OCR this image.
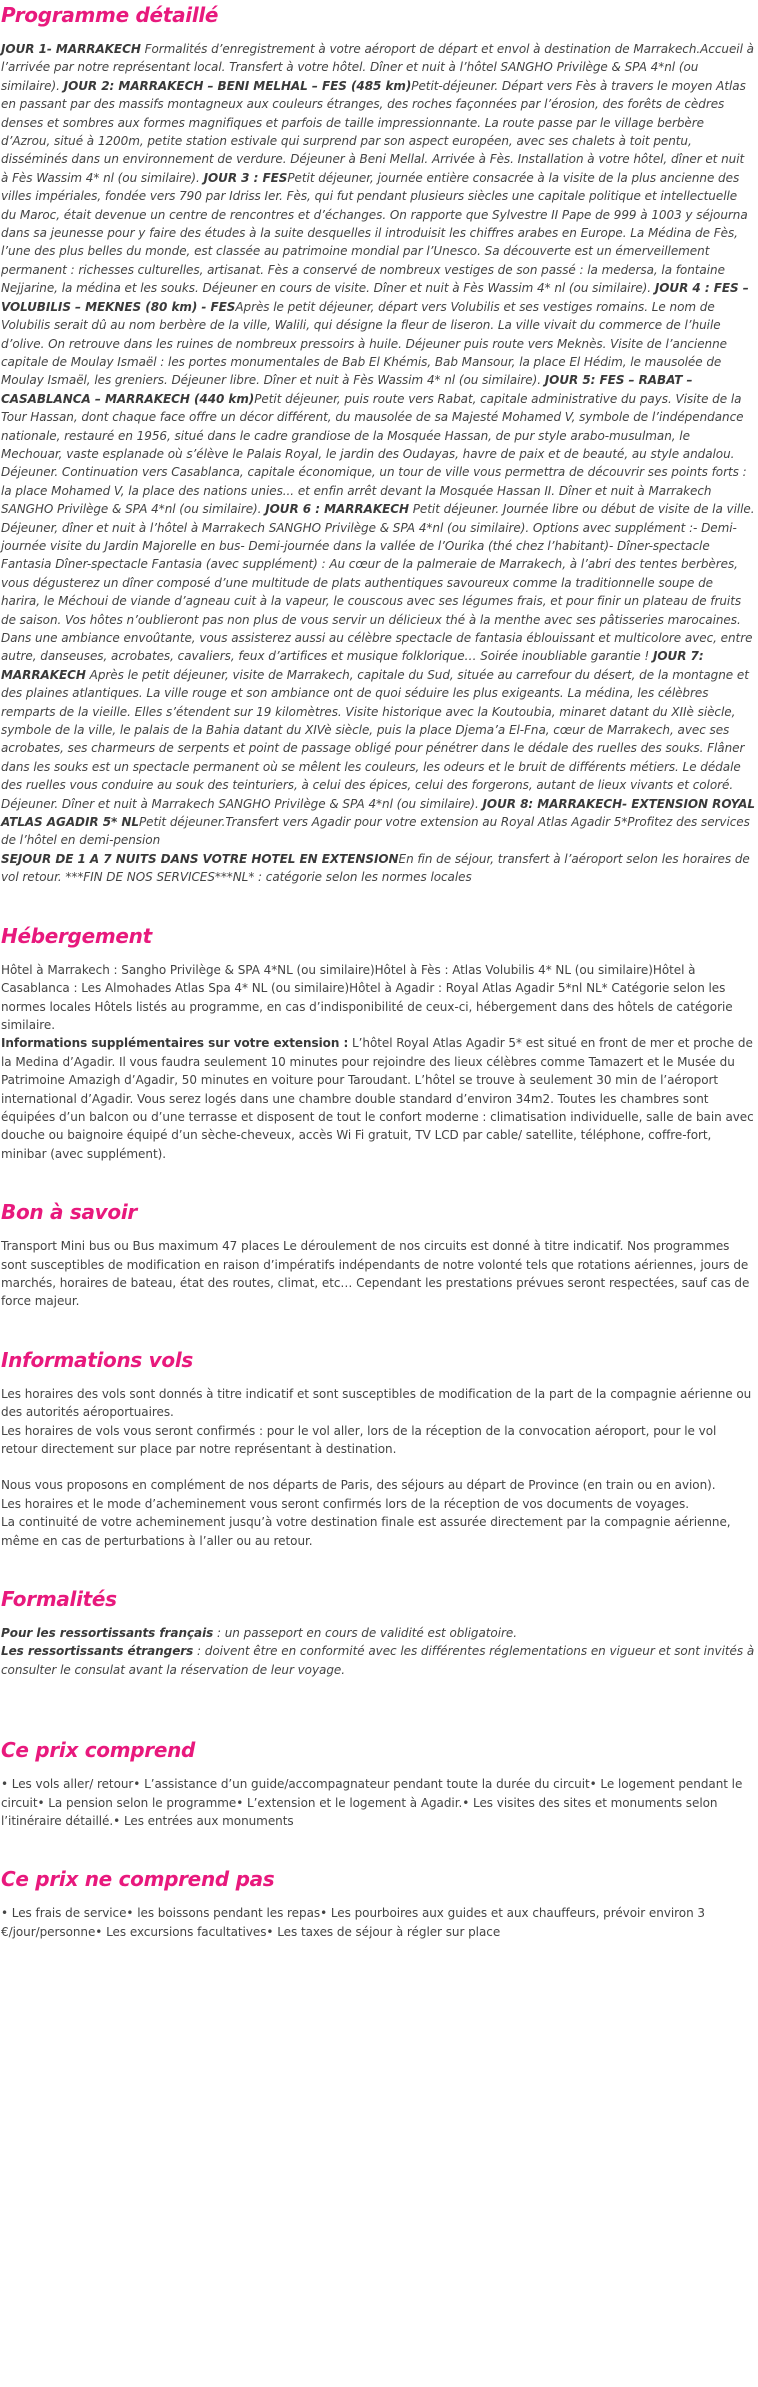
Programme détaillé

JOUR 1- MARRAKECH Formalités d’enregistrement à votre aéroport de départ et envol à destination de Marrakech.Accueil à l’arrivée par notre représentant local. Transfert à votre hôtel. Dîner et nuit à l’hôtel SANGHO Privilège & SPA 4*nl (ou similaire). JOUR 2: MARRAKECH – BENI MELHAL – FES (485 km)Petit-déjeuner. Départ vers Fès à travers le moyen Atlas en passant par des massifs montagneux aux couleurs étranges, des roches façonnées par l’érosion, des forêts de cèdres denses et sombres aux formes magnifiques et parfois de taille impressionnante. La route passe par le village berbère d’Azrou, situé à 1200m, petite station estivale qui surprend par son aspect européen, avec ses chalets à toit pentu, disséminés dans un environnement de verdure. Déjeuner à Beni Mellal. Arrivée à Fès. Installation à votre hôtel, dîner et nuit à Fès Wassim 4* nl (ou similaire). JOUR 3 : FESPetit déjeuner, journée entière consacrée à la visite de la plus ancienne des villes impériales, fondée vers 790 par Idriss Ier. Fès, qui fut pendant plusieurs siècles une capitale politique et intellectuelle du Maroc, était devenue un centre de rencontres et d’échanges. On rapporte que Sylvestre II Pape de 999 à 1003 y séjourna dans sa jeunesse pour y faire des études à la suite desquelles il introduisit les chiffres arabes en Europe. La Médina de Fès, l’une des plus belles du monde, est classée au patrimoine mondial par l’Unesco. Sa découverte est un émerveillement permanent : richesses culturelles, artisanat. Fès a conservé de nombreux vestiges de son passé : la medersa, la fontaine Nejjarine, la médina et les souks. Déjeuner en cours de visite. Dîner et nuit à Fès Wassim 4* nl (ou similaire). JOUR 4 : FES – VOLUBILIS – MEKNES (80 km) - FESAprès le petit déjeuner, départ vers Volubilis et ses vestiges romains. Le nom de Volubilis serait dû au nom berbère de la ville, Walili, qui désigne la fleur de liseron. La ville vivait du commerce de l’huile d’olive. On retrouve dans les ruines de nombreux pressoirs à huile. Déjeuner puis route vers Meknès. Visite de l’ancienne capitale de Moulay Ismaël : les portes monumentales de Bab El Khémis, Bab Mansour, la place El Hédim, le mausolée de Moulay Ismaël, les greniers. Déjeuner libre. Dîner et nuit à Fès Wassim 4* nl (ou similaire). JOUR 5: FES – RABAT – CASABLANCA – MARRAKECH (440 km)Petit déjeuner, puis route vers Rabat, capitale administrative du pays. Visite de la Tour Hassan, dont chaque face offre un décor différent, du mausolée de sa Majesté Mohamed V, symbole de l’indépendance nationale, restauré en 1956, situé dans le cadre grandiose de la Mosquée Hassan, de pur style arabo-musulman, le Mechouar, vaste esplanade où s’élève le Palais Royal, le jardin des Oudayas, havre de paix et de beauté, au style andalou. Déjeuner. Continuation vers Casablanca, capitale économique, un tour de ville vous permettra de découvrir ses points forts : la place Mohamed V, la place des nations unies... et enfin arrêt devant la Mosquée Hassan II. Dîner et nuit à Marrakech SANGHO Privilège & SPA 4*nl (ou similaire). JOUR 6 : MARRAKECH Petit déjeuner. Journée libre ou début de visite de la ville. Déjeuner, dîner et nuit à l’hôtel à Marrakech SANGHO Privilège & SPA 4*nl (ou similaire). Options avec supplément :- Demi-journée visite du Jardin Majorelle en bus- Demi-journée dans la vallée de l’Ourika (thé chez l’habitant)- Dîner-spectacle Fantasia Dîner-spectacle Fantasia (avec supplément) : Au cœur de la palmeraie de Marrakech, à l’abri des tentes berbères, vous dégusterez un dîner composé d’une multitude de plats authentiques savoureux comme la traditionnelle soupe de harira, le Méchoui de viande d’agneau cuit à la vapeur, le couscous avec ses légumes frais, et pour finir un plateau de fruits de saison. Vos hôtes n’oublieront pas non plus de vous servir un délicieux thé à la menthe avec ses pâtisseries marocaines. Dans une ambiance envoûtante, vous assisterez aussi au célèbre spectacle de fantasia éblouissant et multicolore avec, entre autre, danseuses, acrobates, cavaliers, feux d’artifices et musique folklorique… Soirée inoubliable garantie ! JOUR 7: MARRAKECH Après le petit déjeuner, visite de Marrakech, capitale du Sud, située au carrefour du désert, de la montagne et des plaines atlantiques. La ville rouge et son ambiance ont de quoi séduire les plus exigeants. La médina, les célèbres remparts de la vieille. Elles s’étendent sur 19 kilomètres. Visite historique avec la Koutoubia, minaret datant du XIIè siècle, symbole de la ville, le palais de la Bahia datant du XIVè siècle, puis la place Djema’a El-Fna, cœur de Marrakech, avec ses acrobates, ses charmeurs de serpents et point de passage obligé pour pénétrer dans le dédale des ruelles des souks. Flâner dans les souks est un spectacle permanent où se mêlent les couleurs, les odeurs et le bruit de différents métiers. Le dédale des ruelles vous conduire au souk des teinturiers, à celui des épices, celui des forgerons, autant de lieux vivants et coloré. Déjeuner. Dîner et nuit à Marrakech SANGHO Privilège & SPA 4*nl (ou similaire). JOUR 8: MARRAKECH- EXTENSION ROYAL ATLAS AGADIR 5* NLPetit déjeuner.Transfert vers Agadir pour votre extension au Royal Atlas Agadir 5*Profitez des services de l’hôtel en demi-pension
SEJOUR DE 1 A 7 NUITS DANS VOTRE HOTEL EN EXTENSIONEn fin de séjour, transfert à l’aéroport selon les horaires de vol retour. ***FIN DE NOS SERVICES***NL* : catégorie selon les normes locales

Hébergement

Hôtel à Marrakech : Sangho Privilège & SPA 4*NL (ou similaire)Hôtel à Fès : Atlas Volubilis 4* NL (ou similaire)Hôtel à Casablanca : Les Almohades Atlas Spa 4* NL (ou similaire)Hôtel à Agadir : Royal Atlas Agadir 5*nl NL* Catégorie selon les normes locales Hôtels listés au programme, en cas d’indisponibilité de ceux-ci, hébergement dans des hôtels de catégorie similaire.

Informations supplémentaires sur votre extension : L’hôtel Royal Atlas Agadir 5* est situé en front de mer et proche de la Medina d’Agadir. Il vous faudra seulement 10 minutes pour rejoindre des lieux célèbres comme Tamazert et le Musée du Patrimoine Amazigh d’Agadir, 50 minutes en voiture pour Taroudant. L’hôtel se trouve à seulement 30 min de l’aéroport international d’Agadir. Vous serez logés dans une chambre double standard d’environ 34m2. Toutes les chambres sont équipées d’un balcon ou d’une terrasse et disposent de tout le confort moderne : climatisation individuelle, salle de bain avec douche ou baignoire équipé d’un sèche-cheveux, accès Wi Fi gratuit, TV LCD par cable/ satellite, téléphone, coffre-fort, minibar (avec supplément).

Bon à savoir

Transport Mini bus ou Bus maximum 47 places Le déroulement de nos circuits est donné à titre indicatif. Nos programmes sont susceptibles de modification en raison d’impératifs indépendants de notre volonté tels que rotations aériennes, jours de marchés, horaires de bateau, état des routes, climat, etc… Cependant les prestations prévues seront respectées, sauf cas de force majeur.

Informations vols

Les horaires des vols sont donnés à titre indicatif et sont susceptibles de modification de la part de la compagnie aérienne ou des autorités aéroportuaires.

Les horaires de vols vous seront confirmés : pour le vol aller, lors de la réception de la convocation aéroport, pour le vol retour directement sur place par notre représentant à destination.

Nous vous proposons en complément de nos départs de Paris, des séjours au départ de Province (en train ou en avion).

Les horaires et le mode d’acheminement vous seront confirmés lors de la réception de vos documents de voyages.

La continuité de votre acheminement jusqu’à votre destination finale est assurée directement par la compagnie aérienne, même en cas de perturbations à l’aller ou au retour.

Formalités

Pour les ressortissants français : un passeport en cours de validité est obligatoire.

Les ressortissants étrangers : doivent être en conformité avec les différentes réglementations en vigueur et sont invités à consulter le consulat avant la réservation de leur voyage.

Ce prix comprend

• Les vols aller/ retour• L’assistance d’un guide/accompagnateur pendant toute la durée du circuit• Le logement pendant le circuit• La pension selon le programme• L’extension et le logement à Agadir.• Les visites des sites et monuments selon l’itinéraire détaillé.• Les entrées aux monuments

Ce prix ne comprend pas

• Les frais de service• les boissons pendant les repas• Les pourboires aux guides et aux chauffeurs, prévoir environ 3 €/jour/personne• Les excursions facultatives• Les taxes de séjour à régler sur place
